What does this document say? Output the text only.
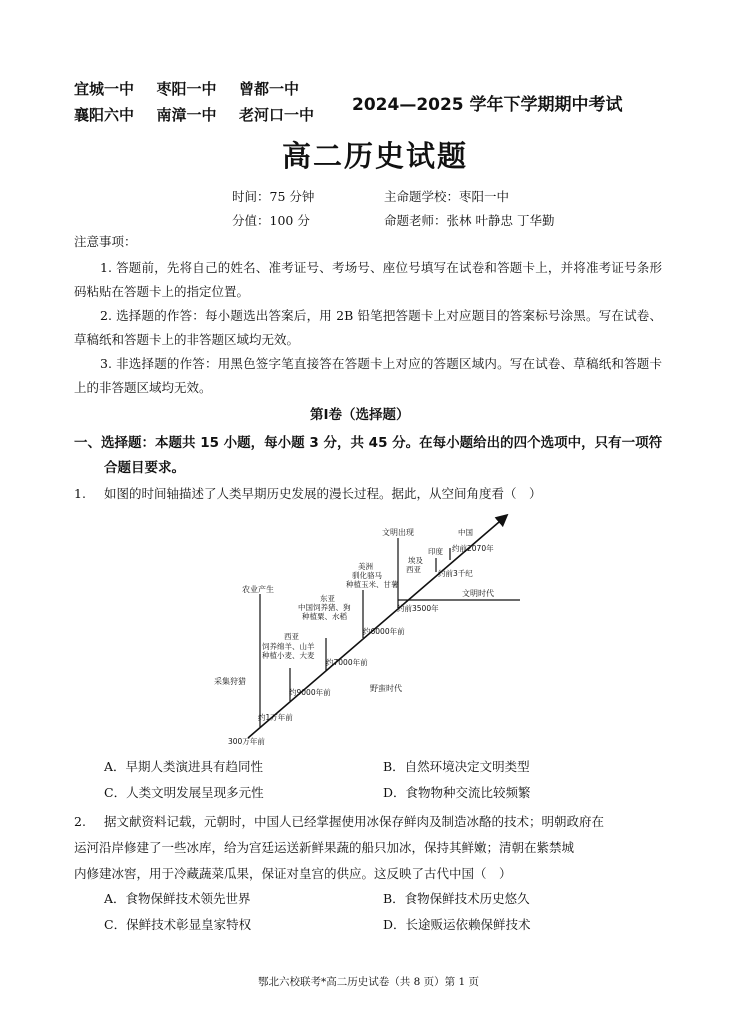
宜城一中 枣阳一中 曾都一中
襄阳六中 南漳一中 老河口一中 2024—2025 学年下学期期中考试
高二历史试题
时间：75 分钟	主命题学校：枣阳一中
分值：100 分	命题老师：张林 叶静忠 丁华勤
注意事项：
1. 答题前，先将自己的姓名、准考证号、考场号、座位号填写在试卷和答题卡上，并将准考证号条形码粘贴在答题卡上的指定位置。
2. 选择题的作答：每小题选出答案后，用 2B 铅笔把答题卡上对应题目的答案标号涂黑。写在试卷、草稿纸和答题卡上的非答题区域均无效。
3. 非选择题的作答：用黑色签字笔直接答在答题卡上对应的答题区域内。写在试卷、草稿纸和答题卡上的非答题区域均无效。
第Ⅰ卷（选择题）
一、选择题：本题共 15 小题，每小题 3 分，共 45 分。在每小题给出的四个选项中，只有一项符
合题目要求。
1. 如图的时间轴描述了人类早期历史发展的漫长过程。据此，从空间角度看（　）
300万年前
约1万年前
约9000年前
约7000年前
约6000年前
约前3500年
约前3千纪
约前2070年
采集狩猎
农业产生
野蛮时代
文明时代
文明出现
西亚
饲养绵羊、山羊
种植小麦、大麦
东亚
中国饲养猪、狗
种植粟、水稻
美洲
驯化骆马
种植玉米、甘薯
埃及
西亚
印度
中国
A．早期人类演进具有趋同性	B．自然环境决定文明类型
C．人类文明发展呈现多元性	D．食物物种交流比较频繁
2. 据文献资料记载，元朝时，中国人已经掌握使用冰保存鲜肉及制造冰酪的技术；明朝政府在
运河沿岸修建了一些冰库，给为宫廷运送新鲜果蔬的船只加冰，保持其鲜嫩；清朝在紫禁城
内修建冰窖，用于冷藏蔬菜瓜果，保证对皇宫的供应。这反映了古代中国（　）
A．食物保鲜技术领先世界	B．食物保鲜技术历史悠久
C．保鲜技术彰显皇家特权	D．长途贩运依赖保鲜技术
鄂北六校联考*高二历史试卷（共 8 页）第 1 页
